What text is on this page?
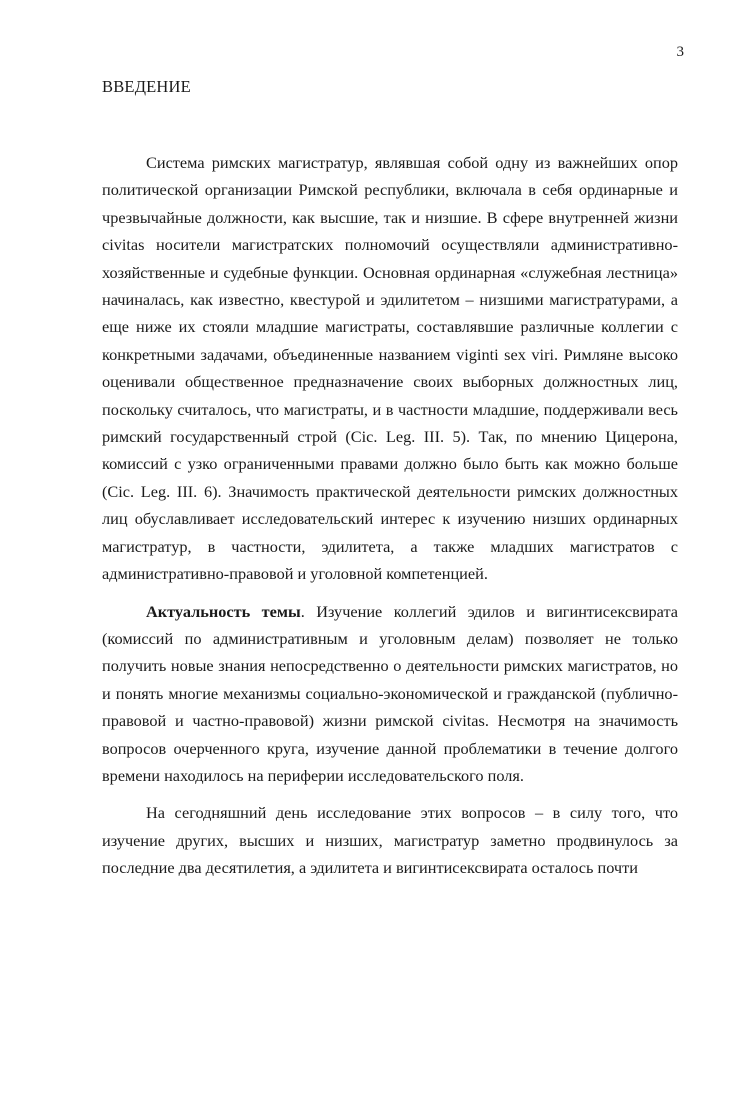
3
ВВЕДЕНИЕ

Система римских магистратур, являвшая собой одну из важнейших опор политической организации Римской республики, включала в себя ординарные и чрезвычайные должности, как высшие, так и низшие. В сфере внутренней жизни civitas носители магистратских полномочий осуществляли административно-хозяйственные и судебные функции. Основная ординарная «служебная лестница» начиналась, как известно, квестурой и эдилитетом – низшими магистратурами, а еще ниже их стояли младшие магистраты, составлявшие различные коллегии с конкретными задачами, объединенные названием viginti sex viri. Римляне высоко оценивали общественное предназначение своих выборных должностных лиц, поскольку считалось, что магистраты, и в частности младшие, поддерживали весь римский государственный строй (Cic. Leg. III. 5). Так, по мнению Цицерона, комиссий с узко ограниченными правами должно было быть как можно больше (Cic. Leg. III. 6). Значимость практической деятельности римских должностных лиц обуславливает исследовательский интерес к изучению низших ординарных магистратур, в частности, эдилитета, а также младших магистратов с административно-правовой и уголовной компетенцией.

Актуальность темы. Изучение коллегий эдилов и вигинтисексвирата (комиссий по административным и уголовным делам) позволяет не только получить новые знания непосредственно о деятельности римских магистратов, но и понять многие механизмы социально-экономической и гражданской (публично-правовой и частно-правовой) жизни римской civitas. Несмотря на значимость вопросов очерченного круга, изучение данной проблематики в течение долгого времени находилось на периферии исследовательского поля.

На сегодняшний день исследование этих вопросов – в силу того, что изучение других, высших и низших, магистратур заметно продвинулось за последние два десятилетия, а эдилитета и вигинтисексвирата осталось почти
